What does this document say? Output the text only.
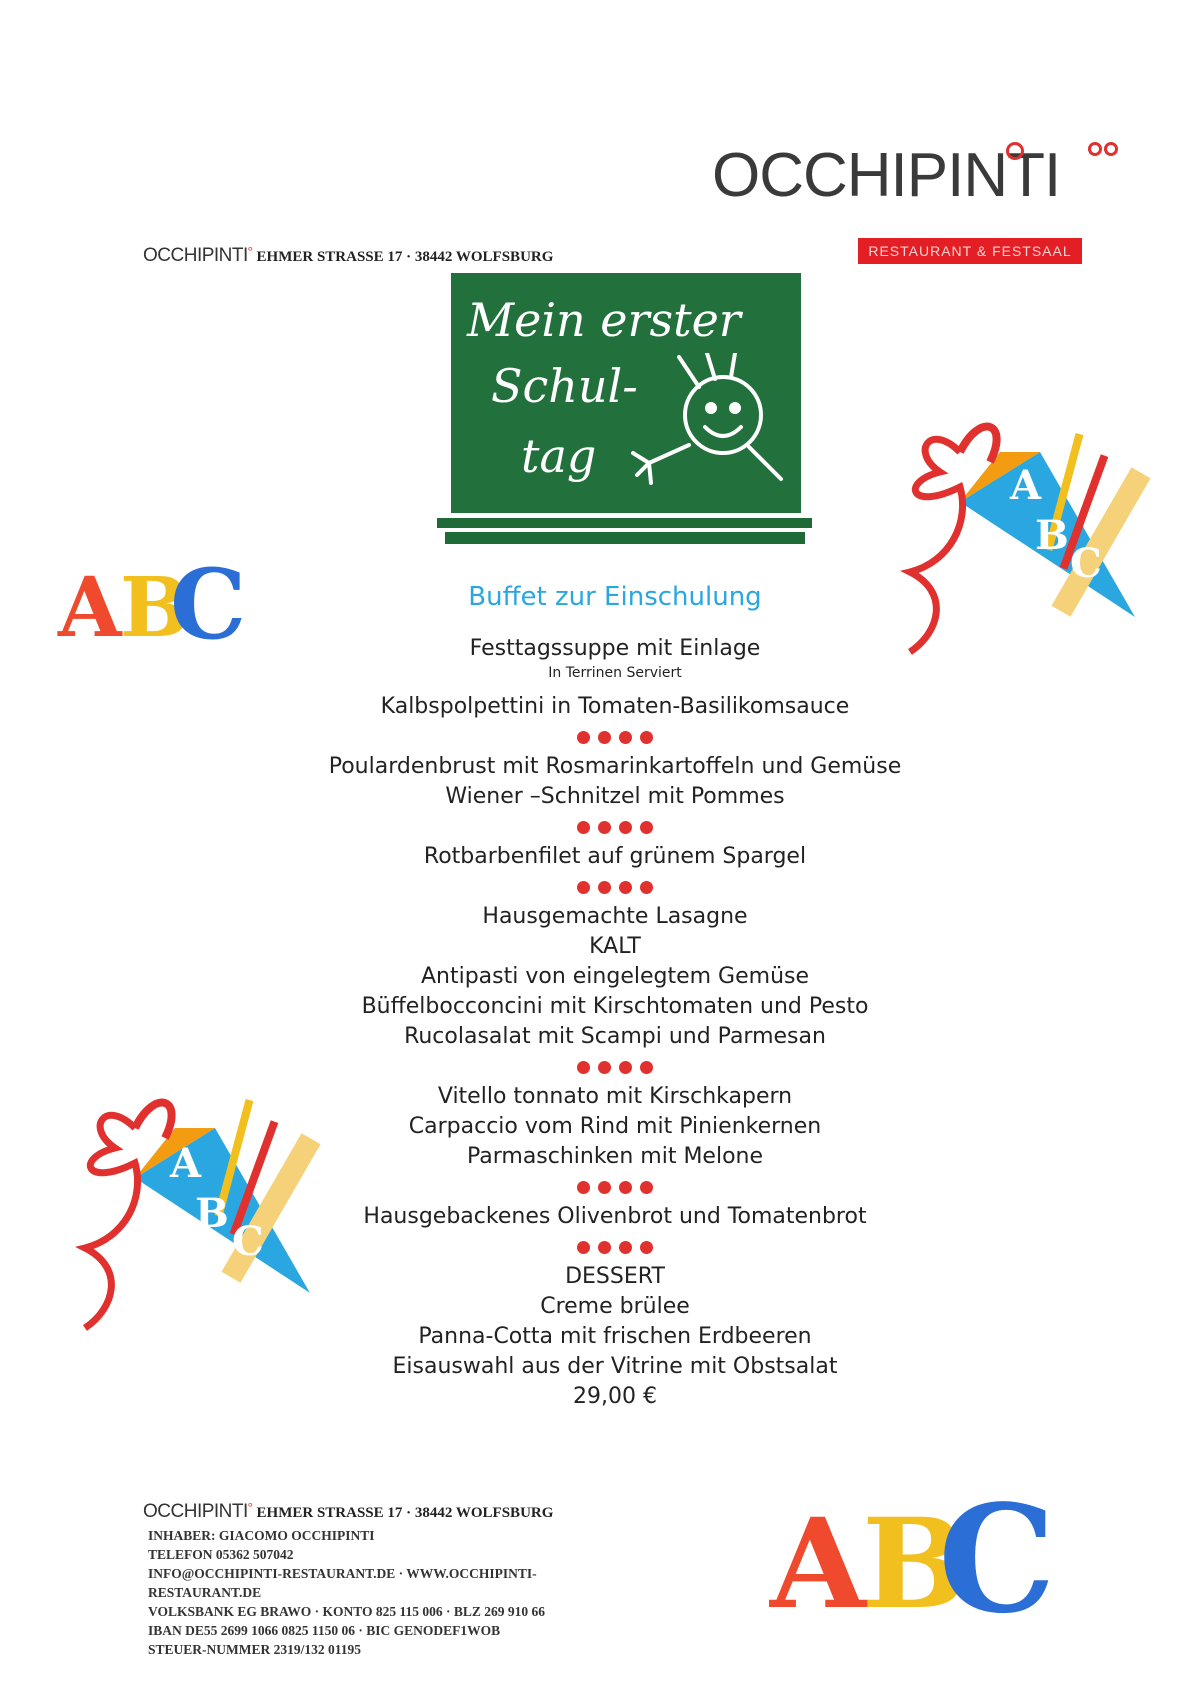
OCCHIPINTI
RESTAURANT & FESTSAAL
OCCHIPINTI° EHMER STRASSE 17 · 38442 WOLFSBURG
Mein erster
Schul-
tag
A
B
C
A
B
C
A
B
C
A
B
C
Buffet zur Einschulung
Festtagssuppe mit Einlage
In Terrinen Serviert
Kalbspolpettini in Tomaten-Basilikomsauce
Poulardenbrust mit Rosmarinkartoffeln und Gemüse
Wiener –Schnitzel mit Pommes
Rotbarbenfilet auf grünem Spargel
Hausgemachte Lasagne
KALT
Antipasti von eingelegtem Gemüse
Büffelbocconcini mit Kirschtomaten und Pesto
Rucolasalat mit Scampi und Parmesan
Vitello tonnato mit Kirschkapern
Carpaccio vom Rind mit Pinienkernen
Parmaschinken mit Melone
Hausgebackenes Olivenbrot und Tomatenbrot
DESSERT
Creme brülee
Panna-Cotta mit frischen Erdbeeren
Eisauswahl aus der Vitrine mit Obstsalat
29,00 €
OCCHIPINTI° EHMER STRASSE 17 · 38442 WOLFSBURG
INHABER: GIACOMO OCCHIPINTI
TELEFON 05362 507042
INFO@OCCHIPINTI-RESTAURANT.DE · WWW.OCCHIPINTI-
RESTAURANT.DE
VOLKSBANK EG BRAWO · KONTO 825 115 006 · BLZ 269 910 66
IBAN DE55 2699 1066 0825 1150 06 · BIC GENODEF1WOB
STEUER-NUMMER 2319/132 01195
